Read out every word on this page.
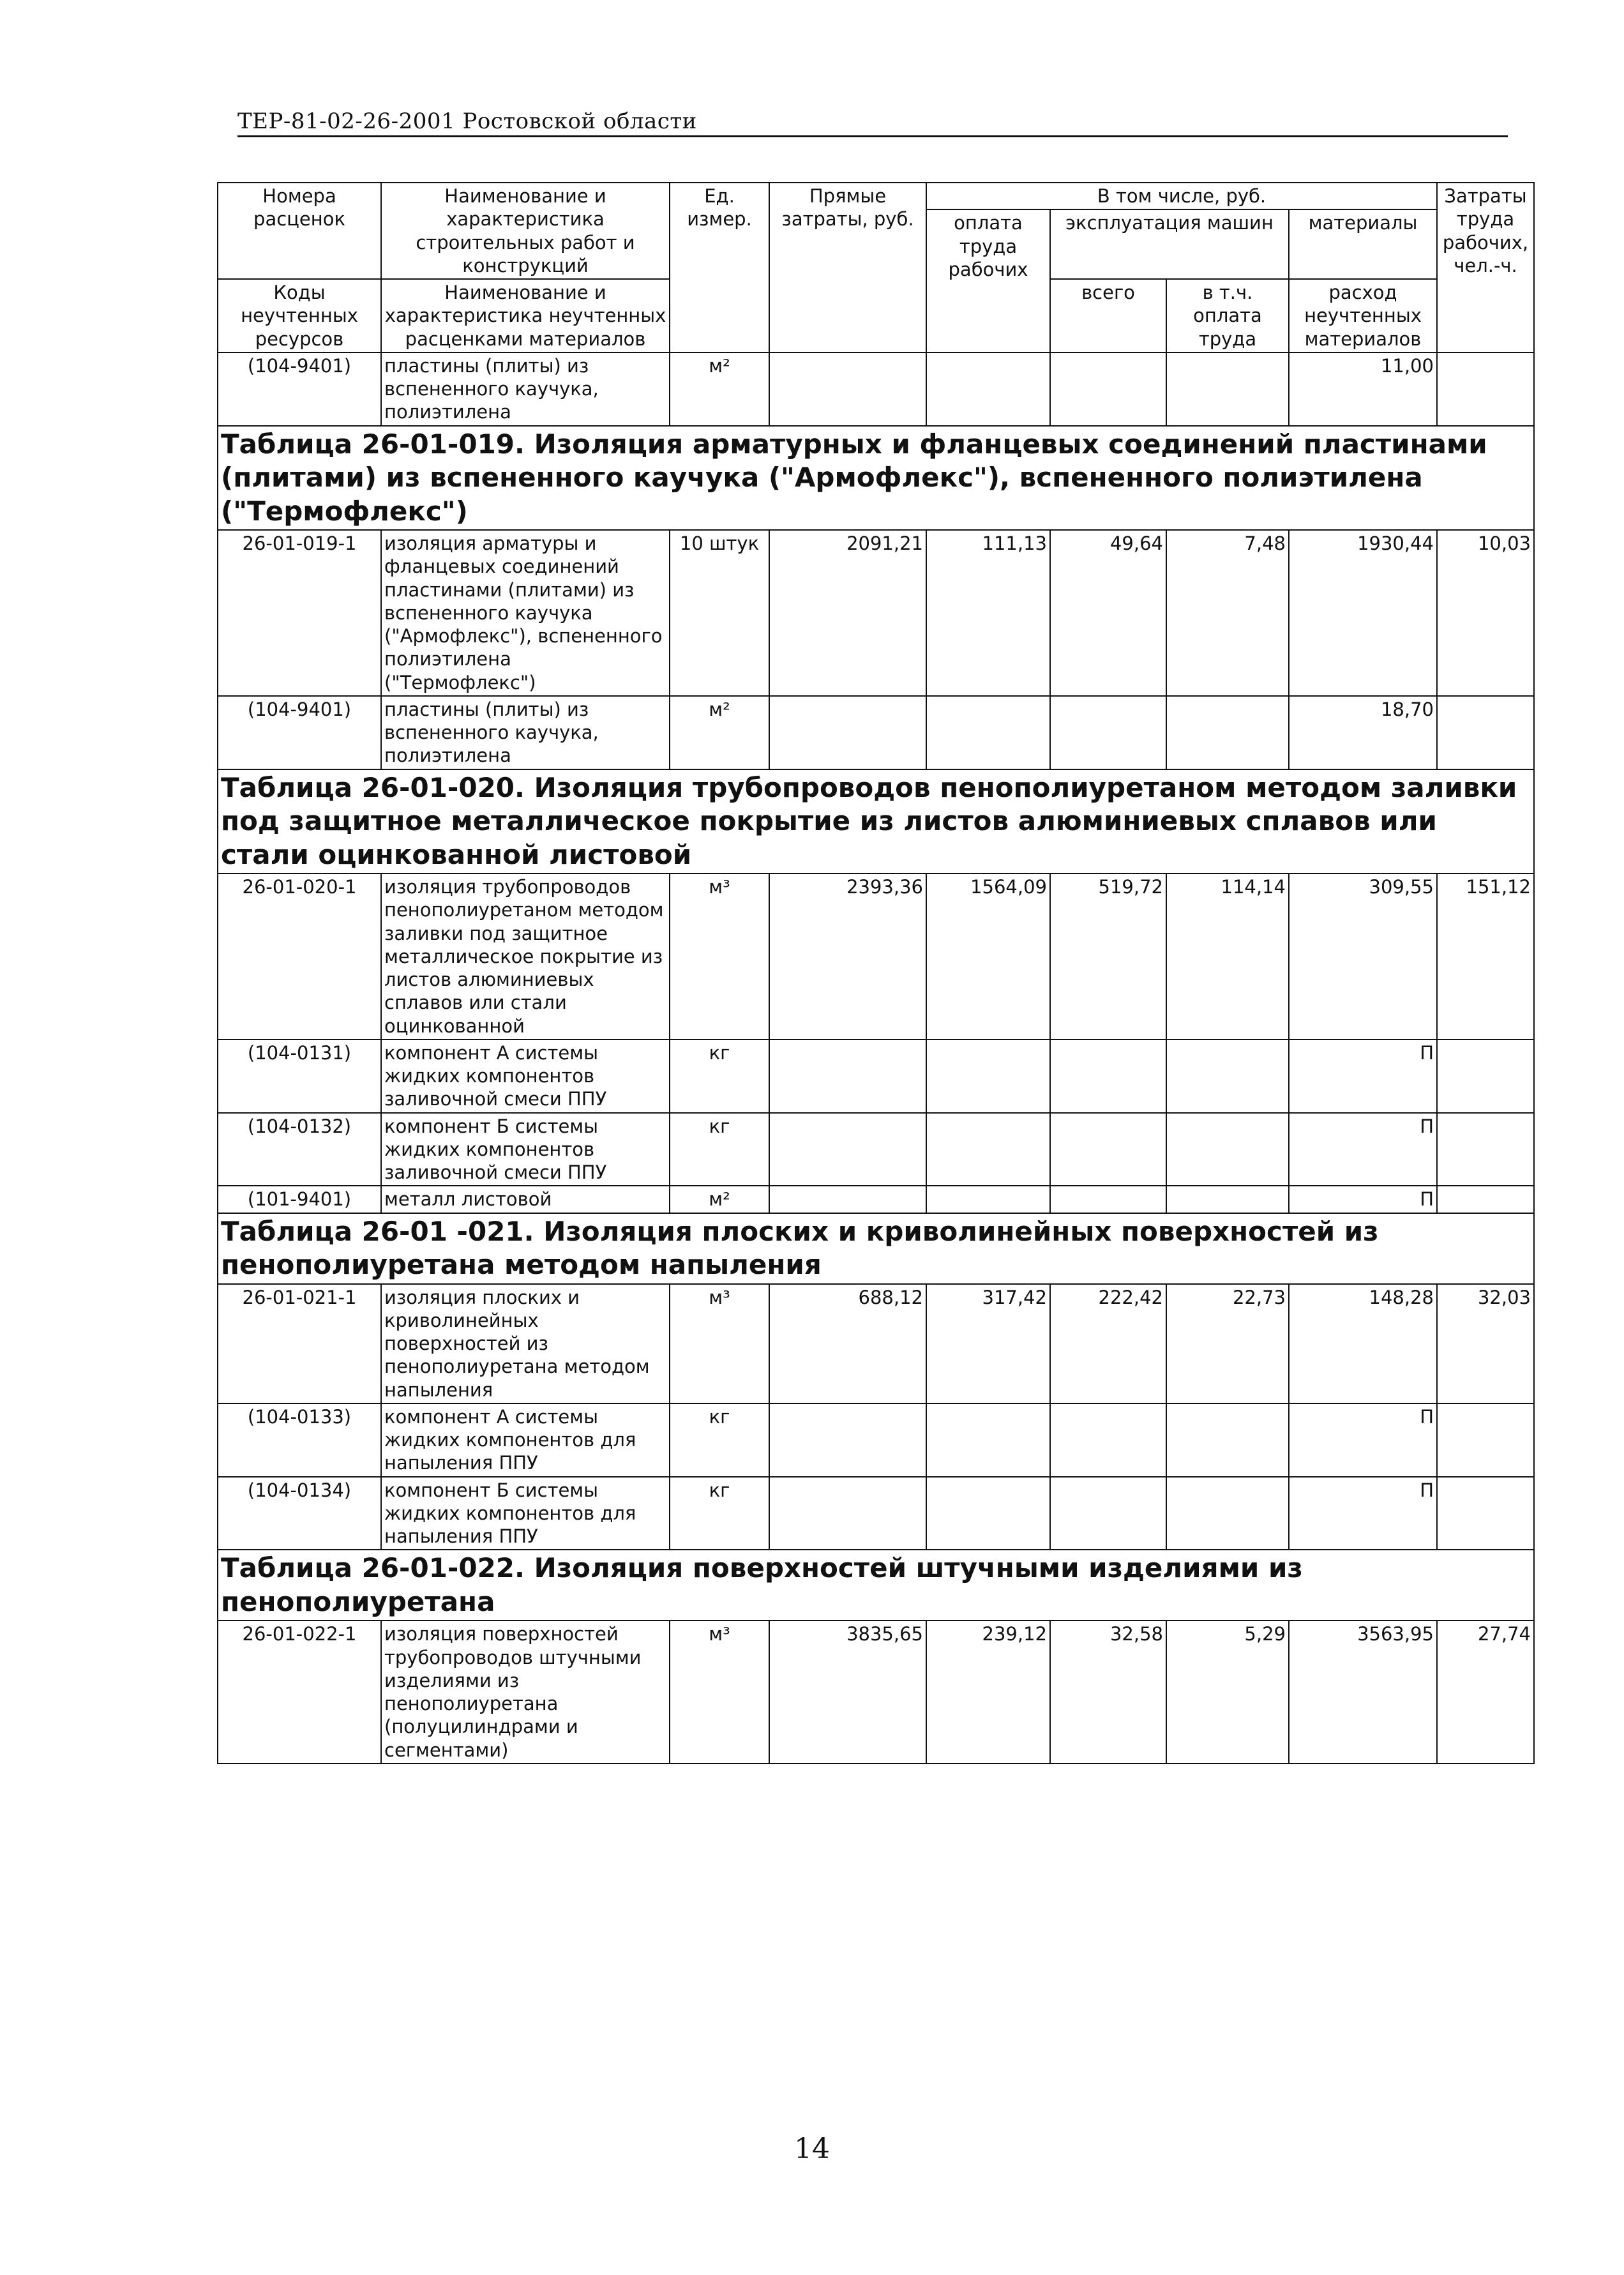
ТЕР-81-02-26-2001 Ростовской области
Номера расценок	Наименование и характеристика строительных работ и конструкций	Ед. измер.	Прямые затраты, руб.	В том числе, руб.				Затраты труда рабочих, чел.-ч.
				оплата труда рабочих	эксплуатация машин		материалы	
Коды неучтенных ресурсов	Наименование и характеристика неучтенных расценками материалов				всего	в т.ч. оплата труда	расход неучтенных материалов	

(104-9401)	пластины (плиты) из вспененного каучука, полиэтилена	м²					11,00	
Таблица 26-01-019. Изоляция арматурных и фланцевых соединений пластинами (плитами) из вспененного каучука ("Армофлекс"), вспененного полиэтилена ("Термофлекс")								
26-01-019-1	изоляция арматуры и фланцевых соединений пластинами (плитами) из вспененного каучука ("Армофлекс"), вспененного полиэтилена ("Термофлекс")	10 штук	2091,21	111,13	49,64	7,48	1930,44	10,03
(104-9401)	пластины (плиты) из вспененного каучука, полиэтилена	м²					18,70	
Таблица 26-01-020. Изоляция трубопроводов пенополиуретаном методом заливки под защитное металлическое покрытие из листов алюминиевых сплавов или стали оцинкованной листовой								
26-01-020-1	изоляция трубопроводов пенополиуретаном методом заливки под защитное металлическое покрытие из листов алюминиевых сплавов или стали оцинкованной	м³	2393,36	1564,09	519,72	114,14	309,55	151,12
(104-0131)	компонент А системы жидких компонентов заливочной смеси ППУ	кг					П	
(104-0132)	компонент Б системы жидких компонентов заливочной смеси ППУ	кг					П	
(101-9401)	металл листовой	м²					П	
Таблица 26-01 -021. Изоляция плоских и криволинейных поверхностей из пенополиуретана методом напыления								
26-01-021-1	изоляция плоских и криволинейных поверхностей из пенополиуретана методом напыления	м³	688,12	317,42	222,42	22,73	148,28	32,03
(104-0133)	компонент А системы жидких компонентов для напыления ППУ	кг					П	
(104-0134)	компонент Б системы жидких компонентов для напыления ППУ	кг					П	
Таблица 26-01-022. Изоляция поверхностей штучными изделиями из пенополиуретана								
26-01-022-1	изоляция поверхностей трубопроводов штучными изделиями из пенополиуретана (полуцилиндрами и сегментами)	м³	3835,65	239,12	32,58	5,29	3563,95	27,74
14
